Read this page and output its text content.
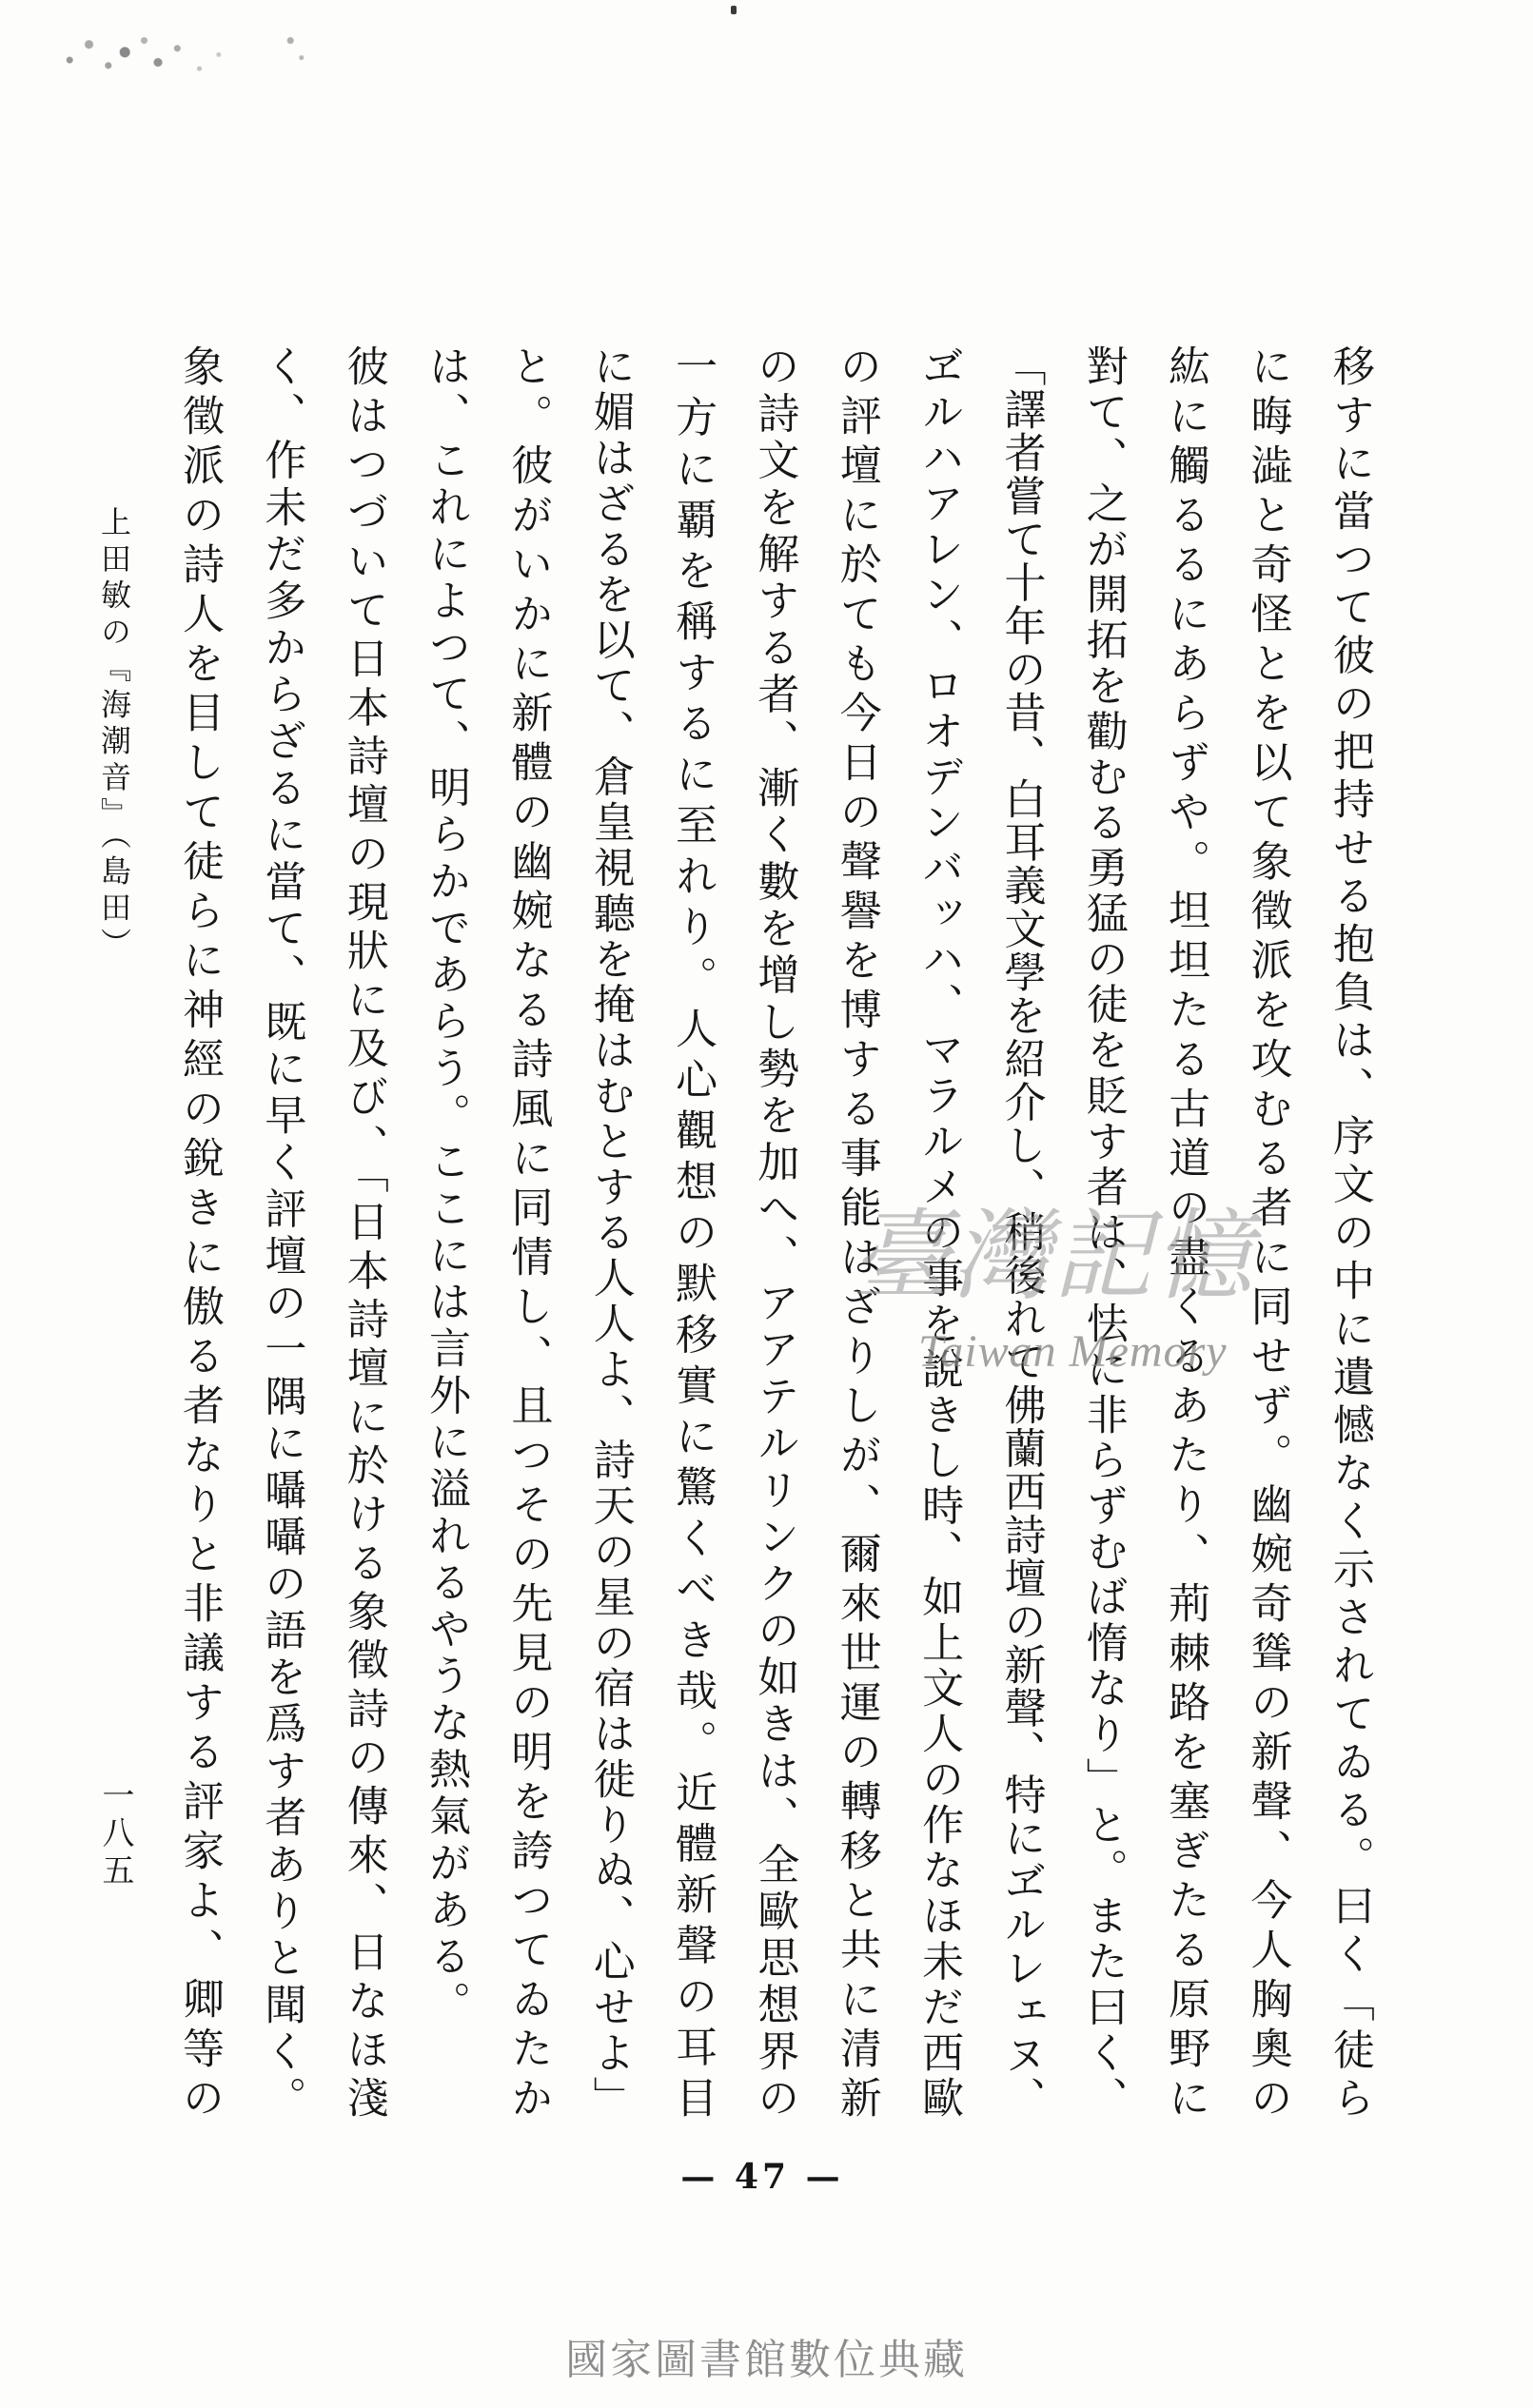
上田敏の『海潮音』（島田）
一八五	移すに當つて彼の把持せる抱負は、序文の中に遺憾なく示されてゐる。曰く「徒ら
に晦澁と奇怪とを以て象徵派を攻むる者に同せず。幽婉奇聳の新聲、今人胸奧の
紘に觸るるにあらずや。坦坦たる古道の盡くるあたり、荊棘路を塞ぎたる原野に
對て、之が開拓を勸むる勇猛の徒を貶す者は、怯に非らずむば惰なり」と。また曰く、
「譯者嘗て十年の昔、白耳義文學を紹介し、稍後れて佛蘭西詩壇の新聲、特にヹルレェヌ、
ヹルハアレン、ロオデンバッハ、マラルメの事を說きし時、如上文人の作なほ未だ西歐
の評壇に於ても今日の聲譽を博する事能はざりしが、爾來世運の轉移と共に清新
の詩文を解する者、漸く數を增し勢を加へ、アアテルリンクの如きは、全歐思想界の
一方に覇を稱するに至れり。人心觀想の默移實に驚くべき哉。近體新聲の耳目
に媚はざるを以て、倉皇視聽を掩はむとする人人よ、詩天の星の宿は徙りぬ、心せよ」
と。彼がいかに新體の幽婉なる詩風に同情し、且つその先見の明を誇つてゐたか
は、これによつて、明らかであらう。ここには言外に溢れるやうな熱氣がある。
彼はつづいて日本詩壇の現狀に及び、「日本詩壇に於ける象徵詩の傳來、日なほ淺
く、作未だ多からざるに當て、既に早く評壇の一隅に囁囁の語を爲す者ありと聞く。
象徵派の詩人を目して徒らに神經の銳きに傲る者なりと非議する評家よ、卿等の
— 47 —
臺灣記憶
Taiwan Memory
國家圖書館數位典藏
